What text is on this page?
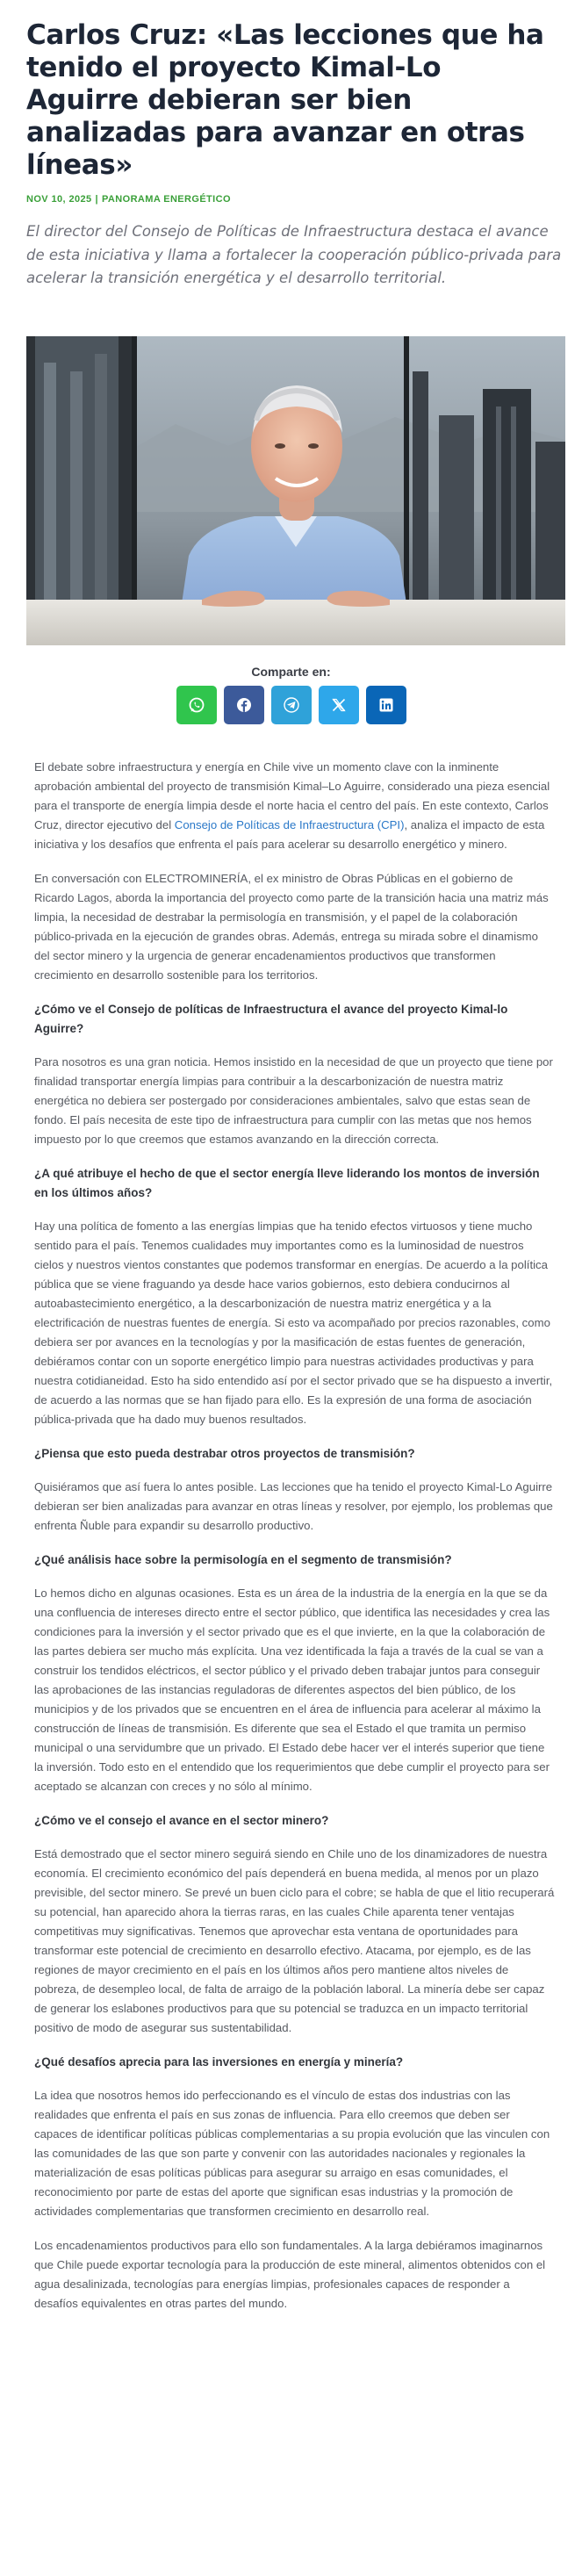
Carlos Cruz: «Las lecciones que ha tenido el proyecto Kimal-Lo Aguirre debieran ser bien analizadas para avanzar en otras líneas»
NOV 10, 2025 | PANORAMA ENERGÉTICO
El director del Consejo de Políticas de Infraestructura destaca el avance de esta iniciativa y llama a fortalecer la cooperación público-privada para acelerar la transición energética y el desarrollo territorial.
Comparte en:

El debate sobre infraestructura y energía en Chile vive un momento clave con la inminente aprobación ambiental del proyecto de transmisión Kimal–Lo Aguirre, considerado una pieza esencial para el transporte de energía limpia desde el norte hacia el centro del país. En este contexto, Carlos Cruz, director ejecutivo del Consejo de Políticas de Infraestructura (CPI), analiza el impacto de esta iniciativa y los desafíos que enfrenta el país para acelerar su desarrollo energético y minero.

En conversación con ELECTROMINERÍA, el ex ministro de Obras Públicas en el gobierno de Ricardo Lagos, aborda la importancia del proyecto como parte de la transición hacia una matriz más limpia, la necesidad de destrabar la permisología en transmisión, y el papel de la colaboración público-privada en la ejecución de grandes obras. Además, entrega su mirada sobre el dinamismo del sector minero y la urgencia de generar encadenamientos productivos que transformen crecimiento en desarrollo sostenible para los territorios.

¿Cómo ve el Consejo de políticas de Infraestructura el avance del proyecto Kimal-lo Aguirre?

Para nosotros es una gran noticia. Hemos insistido en la necesidad de que un proyecto que tiene por finalidad transportar energía limpias para contribuir a la descarbonización de nuestra matriz energética no debiera ser postergado por consideraciones ambientales, salvo que estas sean de fondo. El país necesita de este tipo de infraestructura para cumplir con las metas que nos hemos impuesto por lo que creemos que estamos avanzando en la dirección correcta.

¿A qué atribuye el hecho de que el sector energía lleve liderando los montos de inversión en los últimos años?

Hay una política de fomento a las energías limpias que ha tenido efectos virtuosos y tiene mucho sentido para el país. Tenemos cualidades muy importantes como es la luminosidad de nuestros cielos y nuestros vientos constantes que podemos transformar en energías. De acuerdo a la política pública que se viene fraguando ya desde hace varios gobiernos, esto debiera conducirnos al autoabastecimiento energético, a la descarbonización de nuestra matriz energética y a la electrificación de nuestras fuentes de energía. Si esto va acompañado por precios razonables, como debiera ser por avances en la tecnologías y por la masificación de estas fuentes de generación, debiéramos contar con un soporte energético limpio para nuestras actividades productivas y para nuestra cotidianeidad. Esto ha sido entendido así por el sector privado que se ha dispuesto a invertir, de acuerdo a las normas que se han fijado para ello. Es la expresión de una forma de asociación pública-privada que ha dado muy buenos resultados.

¿Piensa que esto pueda destrabar otros proyectos de transmisión?

Quisiéramos que así fuera lo antes posible. Las lecciones que ha tenido el proyecto Kimal-Lo Aguirre debieran ser bien analizadas para avanzar en otras líneas y resolver, por ejemplo, los problemas que enfrenta Ñuble para expandir su desarrollo productivo.

¿Qué análisis hace sobre la permisología en el segmento de transmisión?

Lo hemos dicho en algunas ocasiones. Esta es un área de la industria de la energía en la que se da una confluencia de intereses directo entre el sector público, que identifica las necesidades y crea las condiciones para la inversión y el sector privado que es el que invierte, en la que la colaboración de las partes debiera ser mucho más explícita. Una vez identificada la faja a través de la cual se van a construir los tendidos eléctricos, el sector público y el privado deben trabajar juntos para conseguir las aprobaciones de las instancias reguladoras de diferentes aspectos del bien público, de los municipios y de los privados que se encuentren en el área de influencia para acelerar al máximo la construcción de líneas de transmisión. Es diferente que sea el Estado el que tramita un permiso municipal o una servidumbre que un privado. El Estado debe hacer ver el interés superior que tiene la inversión. Todo esto en el entendido que los requerimientos que debe cumplir el proyecto para ser aceptado se alcanzan con creces y no sólo al mínimo.

¿Cómo ve el consejo el avance en el sector minero?

Está demostrado que el sector minero seguirá siendo en Chile uno de los dinamizadores de nuestra economía. El crecimiento económico del país dependerá en buena medida, al menos por un plazo previsible, del sector minero. Se prevé un buen ciclo para el cobre; se habla de que el litio recuperará su potencial, han aparecido ahora la tierras raras, en las cuales Chile aparenta tener ventajas competitivas muy significativas. Tenemos que aprovechar esta ventana de oportunidades para transformar este potencial de crecimiento en desarrollo efectivo. Atacama, por ejemplo, es de las regiones de mayor crecimiento en el país en los últimos años pero mantiene altos niveles de pobreza, de desempleo local, de falta de arraigo de la población laboral. La minería debe ser capaz de generar los eslabones productivos para que su potencial se traduzca en un impacto territorial positivo de modo de asegurar sus sustentabilidad.

¿Qué desafíos aprecia para las inversiones en energía y minería?

La idea que nosotros hemos ido perfeccionando es el vínculo de estas dos industrias con las realidades que enfrenta el país en sus zonas de influencia. Para ello creemos que deben ser capaces de identificar políticas públicas complementarias a su propia evolución que las vinculen con las comunidades de las que son parte y convenir con las autoridades nacionales y regionales la materialización de esas políticas públicas para asegurar su arraigo en esas comunidades, el reconocimiento por parte de estas del aporte que significan esas industrias y la promoción de actividades complementarias que transformen crecimiento en desarrollo real.

Los encadenamientos productivos para ello son fundamentales. A la larga debiéramos imaginarnos que Chile puede exportar tecnología para la producción de este mineral, alimentos obtenidos con el agua desalinizada, tecnologías para energías limpias, profesionales capaces de responder a desafíos equivalentes en otras partes del mundo.
